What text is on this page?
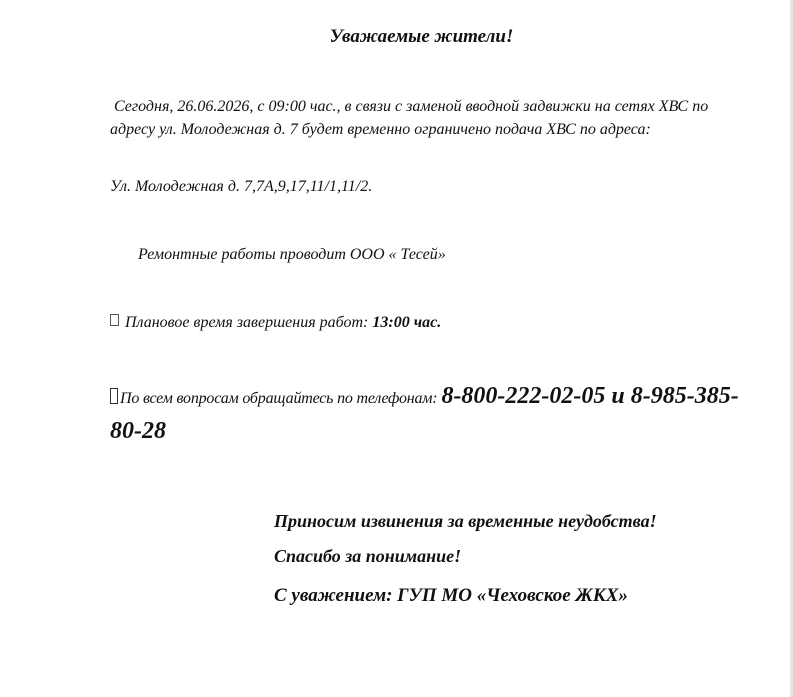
Уважаемые жители!
Сегодня, 26.06.2026, с 09:00 час., в связи с заменой вводной задвижки на сетях ХВС по адресу ул. Молодежная д. 7 будет временно ограничено подача ХВС по адреса:
Ул. Молодежная д. 7,7А,9,17,11/1,11/2.
Ремонтные работы проводит ООО « Тесей»
Плановое время завершения работ: 13:00 час.
По всем вопросам обращайтесь по телефонам: 8-800-222-02-05 и 8-985-385-80-28
Приносим извинения за временные неудобства!
Спасибо за понимание!
С уважением: ГУП МО «Чеховское ЖКХ»
